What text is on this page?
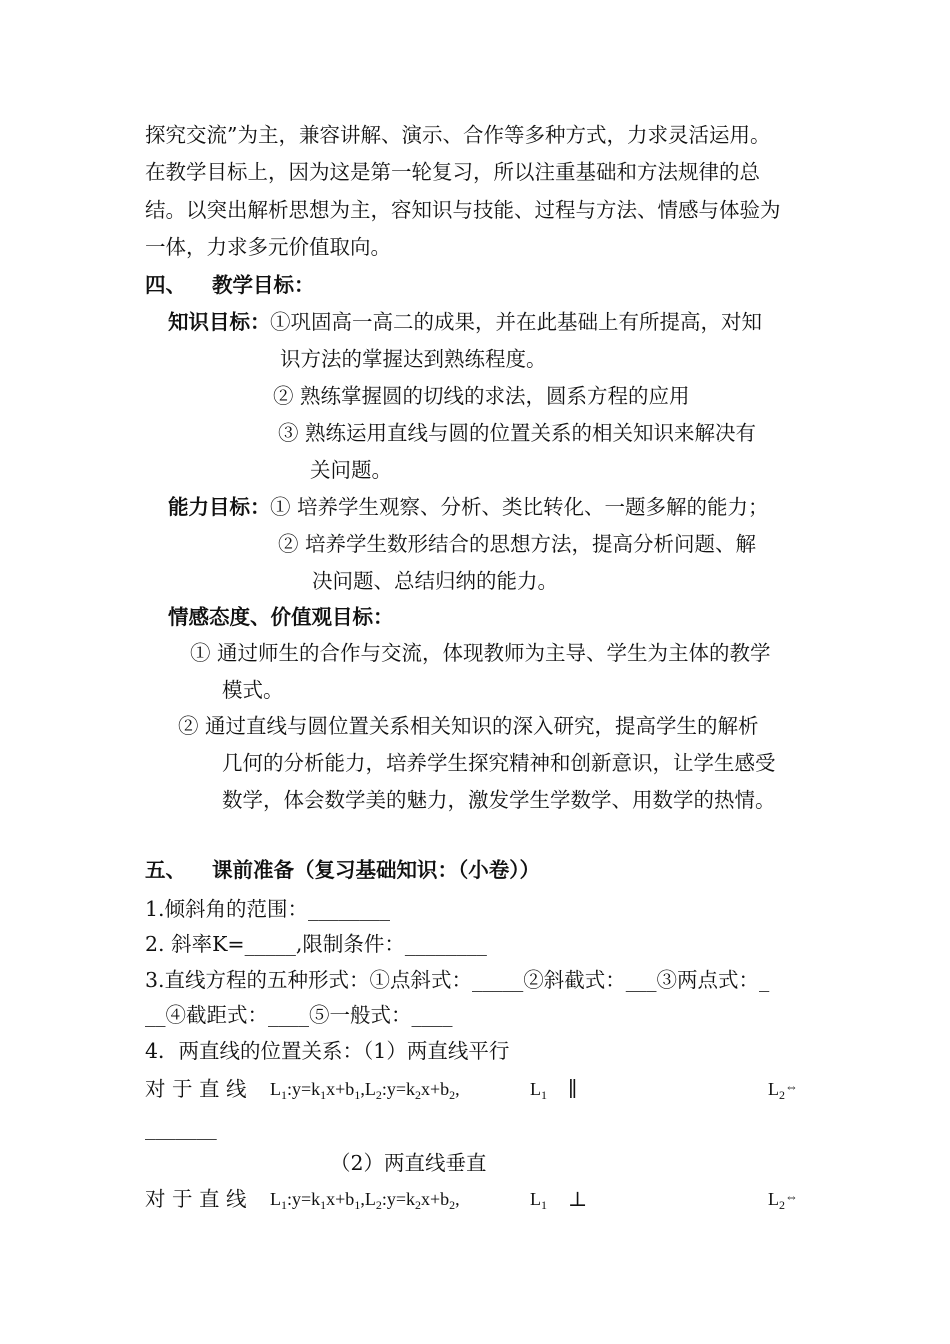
探究交流”为主，兼容讲解、演示、合作等多种方式，力求灵活运用。
在教学目标上，因为这是第一轮复习，所以注重基础和方法规律的总
结。以突出解析思想为主，容知识与技能、过程与方法、情感与体验为
一体，力求多元价值取向。
四、 教学目标：
知识目标： ①巩固高一高二的成果，并在此基础上有所提高，对知
识方法的掌握达到熟练程度。
② 熟练掌握圆的切线的求法，圆系方程的应用
③ 熟练运用直线与圆的位置关系的相关知识来解决有
关问题。
能力目标： ① 培养学生观察、分析、类比转化、一题多解的能力；
② 培养学生数形结合的思想方法，提高分析问题、解
决问题、总结归纳的能力。
情感态度、价值观目标：
① 通过师生的合作与交流，体现教师为主导、学生为主体的教学
模式。
② 通过直线与圆位置关系相关知识的深入研究，提高学生的解析
几何的分析能力，培养学生探究精神和创新意识，让学生感受
数学，体会数学美的魅力，激发学生学数学、用数学的热情。
五、 课前准备（复习基础知识：（小卷））
1.倾斜角的范围：________
2. 斜率K=_____,限制条件：________
3.直线方程的五种形式：①点斜式：_____②斜截式：___③两点式：_
__④截距式：____⑤一般式：____
4．两直线的位置关系：（1）两直线平行
对 于 直 线 $L_1:y=k_1x+b_1,L_2:y=k_2x+b_2$,	$L_1$ ∥	$L_2^\Leftrightarrow$
_______
（2）两直线垂直
对 于 直 线 $L_1:y=k_1x+b_1,L_2:y=k_2x+b_2$,	$L_1$ ⊥	$L_2^\Leftrightarrow$
